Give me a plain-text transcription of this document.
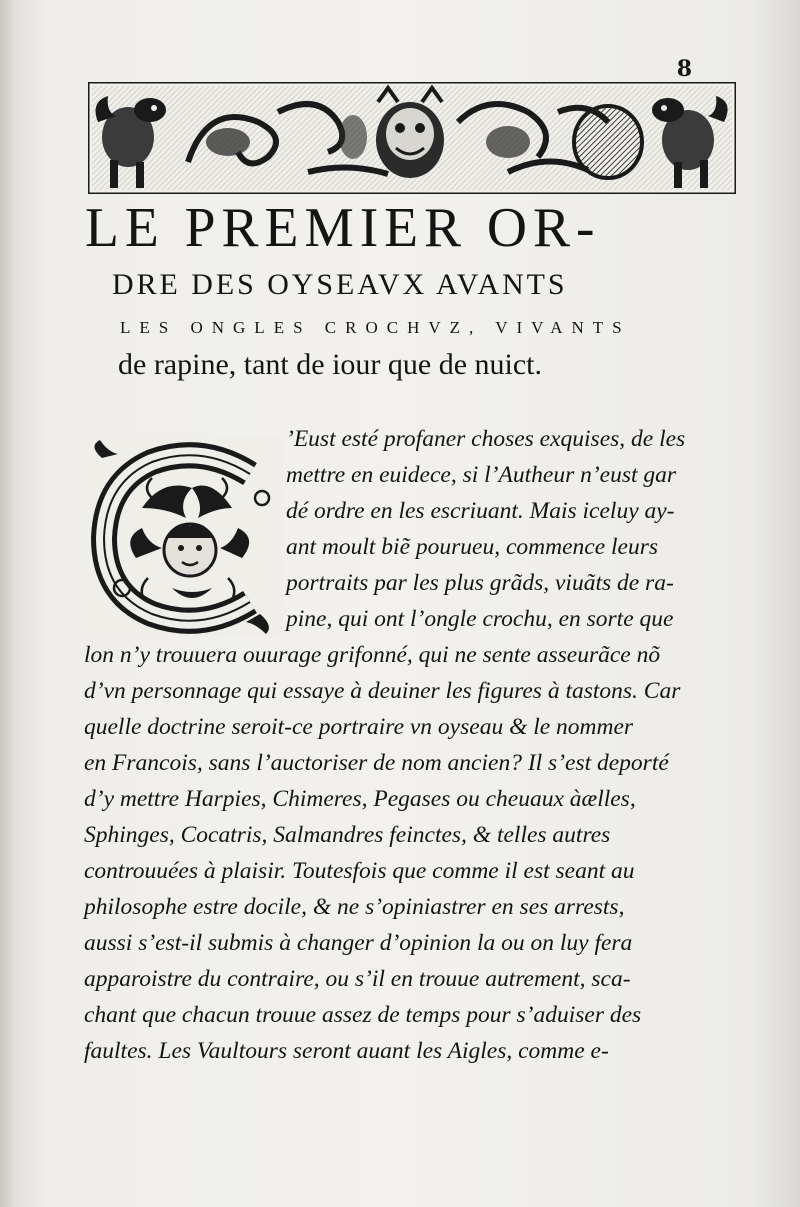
8
LE PREMIER OR-
DRE DES OYSEAVX AVANTS
LES ONGLES CROCHVZ, VIVANTS
de rapine, tant de iour que de nuict.
’Eust esté profaner choses exquises, de les
mettre en euidece, si l’Autheur n’eust gar
dé ordre en les escriuant. Mais iceluy ay-
ant moult biẽ pourueu, commence leurs
portraits par les plus grãds, viuãts de ra-
pine, qui ont l’ongle crochu, en sorte que
lon n’y trouuera ouurage grifonné, qui ne sente asseurãce nõ
d’vn personnage qui essaye à deuiner les figures à tastons. Car
quelle doctrine seroit-ce portraire vn oyseau & le nommer
en Francois, sans l’auctoriser de nom ancien? Il s’est deporté
d’y mettre Harpies, Chimeres, Pegases ou cheuaux àælles,
Sphinges, Cocatris, Salmandres feinctes, & telles autres
controuuées à plaisir. Toutesfois que comme il est seant au
philosophe estre docile, & ne s’opiniastrer en ses arrests,
aussi s’est-il submis à changer d’opinion la ou on luy fera
apparoistre du contraire, ou s’il en trouue autrement, sca-
chant que chacun trouue assez de temps pour s’aduiser des
faultes. Les Vaultours seront auant les Aigles, comme e-
